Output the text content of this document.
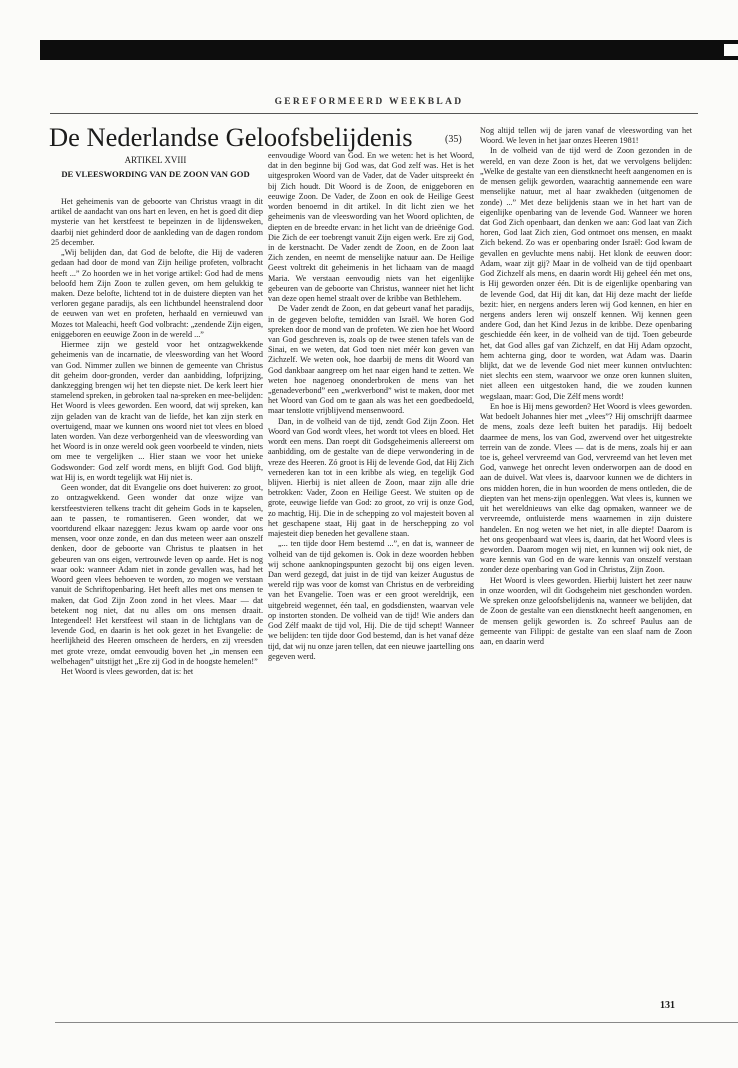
GEREFORMEERD WEEKBLAD
De Nederlandse Geloofsbelijdenis	(35)
ARTIKEL XVIII
DE VLEESWORDING VAN DE ZOON VAN GOD

Het geheimenis van de geboorte van Christus vraagt in dit artikel de aandacht van ons hart en leven, en het is goed dit diep mysterie van het kerstfeest te bepeinzen in de lijdensweken, daarbij niet gehinderd door de aankleding van de dagen rondom 25 december.

„Wij belijden dan, dat God de belofte, die Hij de vaderen gedaan had door de mond van Zijn heilige profeten, volbracht heeft ...” Zo hoorden we in het vorige artikel: God had de mens beloofd hem Zijn Zoon te zullen geven, om hem gelukkig te maken. Deze belofte, lichtend tot in de duisterе diepten van het verloren gegane paradijs, als een lichtbundel heenstralend door de eeuwen van wet en profeten, herhaald en vernieuwd van Mozes tot Maleachi, heeft God volbracht: „zendende Zijn eigen, eniggeboren en eeuwige Zoon in de wereld ...”

Hiermee zijn we gesteld voor het ontzagwekkende geheimenis van de incarnatie, de vleeswording van het Woord van God. Nimmer zullen we binnen de gemeente van Christus dit geheim door-gronden, verder dan aanbidding, lofprijzing, dankzegging brengen wij het ten diepste niet. De kerk leert hier stamelend spreken, in gebroken taal na-spreken en mee-belijden: Het Woord is vlees geworden. Een woord, dat wij spreken, kan zijn geladen van de kracht van de liefde, het kan zijn sterk en overtuigend, maar we kunnen ons woord niet tot vlees en bloed laten worden. Van deze verborgenheid van de vleeswording van het Woord is in onze wereld ook geen voorbeeld te vinden, niets om mee te vergelijken ... Hier staan we voor het unieke Godswonder: God zelf wordt mens, en blijft God. God blijft, wat Hij is, en wordt tegelijk wat Hij niet is.

Geen wonder, dat dit Evangelie ons doet huiveren: zo groot, zo ontzagwekkend. Geen wonder dat onze wijze van kerstfeestvieren telkens tracht dit geheim Gods in te kapselen, aan te passen, te romantiseren. Geen wonder, dat we voortdurend elkaar nazeggen: Jezus kwam op aarde voor ons mensen, voor onze zonde, en dan dus meteen weer aan onszelf denken, door de geboorte van Christus te plaatsen in het gebeuren van ons eigen, vertrouwde leven op aarde. Het is nog waar ook: wanneer Adam niet in zonde gevallen was, had het Woord geen vlees behoeven te worden, zo mogen we verstaan vanuit de Schriftopenbaring. Het heeft alles met ons mensen te maken, dat God Zijn Zoon zond in het vlees. Maar — dat betekent nog niet, dat nu alles om ons mensen draait. Integendeel! Het kerstfeest wil staan in de lichtglans van de levende God, en daarin is het ook gezet in het Evangelie: de heerlijkheid des Heeren omscheen de herders, en zij vreesden met grote vreze, omdat eenvoudig boven het „in mensen een welbehagen” uitstijgt het „Ere zij God in de hoogste hemelen!”

Het Woord is vlees geworden, dat is: het

eenvoudige Woord van God. En we weten: het is het Woord, dat in den beginne bij God was, dat God zelf was. Het is het uitgesproken Woord van de Vader, dat de Vader uitspreekt én bij Zich houdt. Dit Woord is de Zoon, de eniggeboren en eeuwige Zoon. De Vader, de Zoon en ook de Heilige Geest worden benoemd in dit artikel. In dit licht zien we het geheimenis van de vleeswording van het Woord oplichten, de diepten en de breedte ervan: in het licht van de drieënige God. Die Zich de eer toebrengt vanuit Zijn eigen werk. Ere zij God, in de kerstnacht. De Vader zendt de Zoon, en de Zoon laat Zich zenden, en neemt de menselijke natuur aan. De Heilige Geest voltrekt dit geheimenis in het lichaam van de maagd Maria. We verstaan eenvoudig niets van het eigenlijke gebeuren van de geboorte van Christus, wanneer niet het licht van deze open hemel straalt over de kribbe van Bethlehem.

De Vader zendt de Zoon, en dat gebeurt vanaf het paradijs, in de gegeven belofte, temidden van Israël. We horen God spreken door de mond van de profeten. We zien hoe het Woord van God geschreven is, zoals op de twee stenen tafels van de Sinai, en we weten, dat God toen niet méér kon geven van Zichzelf. We weten ook, hoe daarbij de mens dit Woord van God dankbaar aangreep om het naar eigen hand te zetten. We weten hoe nagenoeg ononderbroken de mens van het „genadeverbond” een „werkverbond” wist te maken, door met het Woord van God om te gaan als was het een goedbedoeld, maar tenslotte vrijblijvend mensenwoord.

Dan, in de volheid van de tijd, zendt God Zijn Zoon. Het Woord van God wordt vlees, het wordt tot vlees en bloed. Het wordt een mens. Dan roept dit Godsgeheimenis allereerst om aanbidding, om de gestalte van de diepe verwondering in de vreze des Heeren. Zó groot is Hij de levende God, dat Hij Zich vernederen kan tot in een kribbe als wieg, en tegelijk God blijven. Hierbij is niet alleen de Zoon, maar zijn alle drie betrokken: Vader, Zoon en Heilige Geest. We stuiten op de grote, eeuwige liefde van God: zo groot, zo vrij is onze God, zo machtig, Hij. Die in de schepping zo vol majesteit boven al het geschapene staat, Hij gaat in de herschepping zo vol majesteit diep beneden het gevallene staan.

„... ten tijde door Hem bestemd ...”, en dat is, wanneer de volheid van de tijd gekomen is. Ook in deze woorden hebben wij schone aanknopingspunten gezocht bij ons eigen leven. Dan werd gezegd, dat juist in de tijd van keizer Augustus de wereld rijp was voor de komst van Christus en de verbreiding van het Evangelie. Toen was er een groot wereldrijk, een uitgebreid wegennet, één taal, en godsdiensten, waarvan vele op instorten stonden. De volheid van de tijd! Wie anders dan God Zélf maakt de tijd vol, Hij. Die de tijd schept! Wanneer we belijden: ten tijde door God bestemd, dan is het vanaf déze tijd, dat wij nu onze jaren tellen, dat een nieuwe jaartelling ons gegeven werd.

Nog altijd tellen wij de jaren vanaf de vleeswording van het Woord. We leven in het jaar onzes Heeren 1981!

In de volheid van de tijd werd de Zoon gezonden in de wereld, en van deze Zoon is het, dat we vervolgens belijden: „Welke de gestalte van een dienstknecht heeft aangenomen en is de mensen gelijk geworden, waarachtig aannemende een ware menselijke natuur, met al haar zwakheden (uitgenomen de zonde) ...” Met deze belijdenis staan we in het hart van de eigenlijke openbaring van de levende God. Wanneer we horen dat God Zich openbaart, dan denken we aan: God laat van Zich horen, God laat Zich zien, God ontmoet ons mensen, en maakt Zich bekend. Zo was er openbaring onder Israël: God kwam de gevallen en gevluchte mens nabij. Het klonk de eeuwen door: Adam, waar zijt gij? Maar in de volheid van de tijd openbaart God Zichzelf als mens, en daarin wordt Hij geheel één met ons, is Hij geworden onzer één. Dit is de eigenlijke openbaring van de levende God, dat Hij dit kan, dat Hij deze macht der liefde bezit: hier, en nergens anders leren wij God kennen, en hier en nergens anders leren wij onszelf kennen. Wij kennen geen andere God, dan het Kind Jezus in de kribbe. Deze openbaring geschiedde één keer, in de volheid van de tijd. Toen gebeurde het, dat God alles gaf van Zichzelf, en dat Hij Adam opzocht, hem achterna ging, door te worden, wat Adam was. Daarin blijkt, dat we de levende God niet meer kunnen ontvluchten: niet slechts een stem, waarvoor we onze oren kunnen sluiten, niet alleen een uitgestoken hand, die we zouden kunnen wegslaan, maar: God, Die Zélf mens wordt!

En hoe is Hij mens geworden? Het Woord is vlees geworden. Wat bedoelt Johannes hier met „vlees”? Hij omschrijft daarmee de mens, zoals deze leeft buiten het paradijs. Hij bedoelt daarmee de mens, los van God, zwervend over het uitgestrekte terrein van de zonde. Vlees — dat is de mens, zoals hij er aan toe is, geheel vervreemd van God, vervreemd van het leven met God, vanwege het onrecht leven onderworpen aan de dood en aan de duivel. Wat vlees is, daarvoor kunnen we de dichters in ons midden horen, die in hun woorden de mens ontleden, die de diepten van het mens-zijn openleggen. Wat vlees is, kunnen we uit het wereldnieuws van elke dag opmaken, wanneer we de vervreemde, ontluisterde mens waarnemen in zijn duistere handelen. En nog weten we het niet, in alle diepte! Daarom is het ons geopenbaard wat vlees is, daarin, dat het Woord vlees is geworden. Daarom mogen wij niet, en kunnen wij ook niet, de ware kennis van God en de ware kennis van onszelf verstaan zonder deze openbaring van God in Christus, Zijn Zoon.

Het Woord is vlees geworden. Hierbij luistert het zeer nauw in onze woorden, wil dit Godsgeheim niet geschonden worden. We spreken onze geloofsbelijdenis na, wanneer we belijden, dat de Zoon de gestalte van een dienstknecht heeft aangenomen, en de mensen gelijk geworden is. Zo schreef Paulus aan de gemeente van Filippi: de gestalte van een slaaf nam de Zoon aan, en daarin werd

131
